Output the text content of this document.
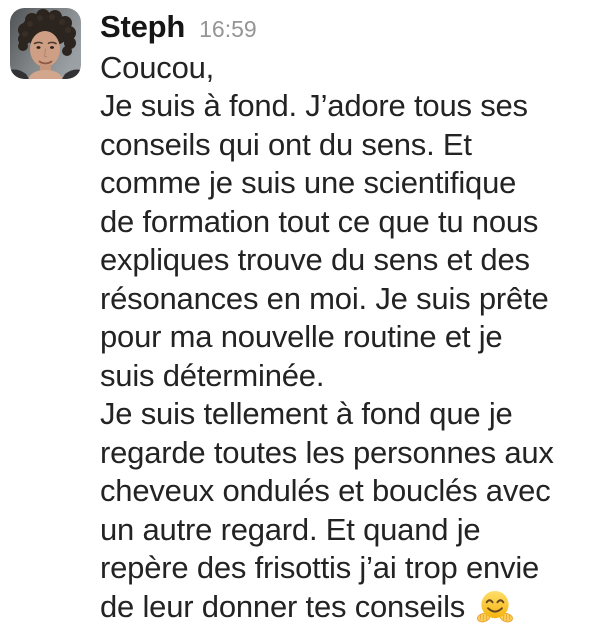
Steph 16:59
Coucou,
Je suis à fond. J’adore tous ses
conseils qui ont du sens. Et
comme je suis une scientifique
de formation tout ce que tu nous
expliques trouve du sens et des
résonances en moi. Je suis prête
pour ma nouvelle routine et je
suis déterminée.
Je suis tellement à fond que je
regarde toutes les personnes aux
cheveux ondulés et bouclés avec
un autre regard. Et quand je
repère des frisottis j’ai trop envie
de leur donner tes conseils
